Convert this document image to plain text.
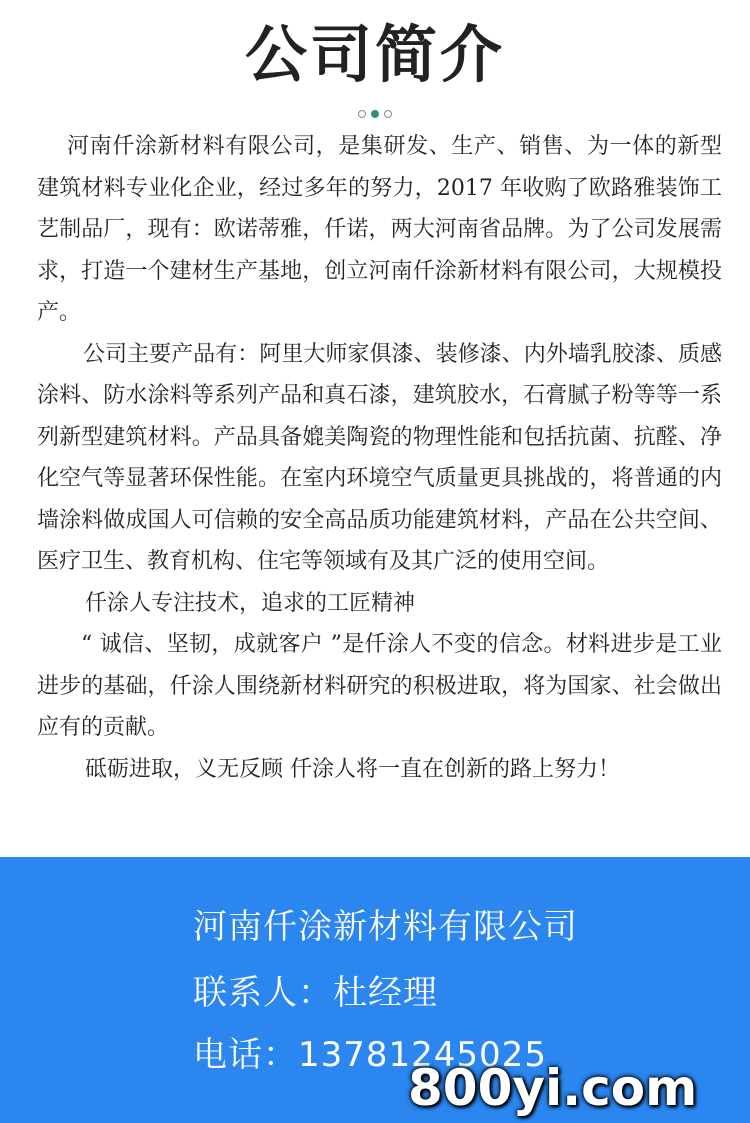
公司简介

河南仟涂新材料有限公司，是集研发、生产、销售、为一体的新型建筑材料专业化企业，经过多年的努力，2017 年收购了欧路雅装饰工艺制品厂，现有：欧诺蒂雅，仟诺，两大河南省品牌。为了公司发展需求，打造一个建材生产基地，创立河南仟涂新材料有限公司，大规模投产。

公司主要产品有：阿里大师家俱漆、装修漆、内外墙乳胶漆、质感涂料、防水涂料等系列产品和真石漆，建筑胶水，石膏腻子粉等等一系列新型建筑材料。产品具备媲美陶瓷的物理性能和包括抗菌、抗醛、净化空气等显著环保性能。在室内环境空气质量更具挑战的，将普通的内墙涂料做成国人可信赖的安全高品质功能建筑材料，产品在公共空间、医疗卫生、教育机构、住宅等领域有及其广泛的使用空间。

仟涂人专注技术，追求的工匠精神

“ 诚信、坚韧，成就客户 ”是仟涂人不变的信念。材料进步是工业进步的基础，仟涂人围绕新材料研究的积极进取，将为国家、社会做出应有的贡献。

砥砺进取，义无反顾 仟涂人将一直在创新的路上努力！

河南仟涂新材料有限公司
联系人：杜经理
电话：13781245025
800yi.com
